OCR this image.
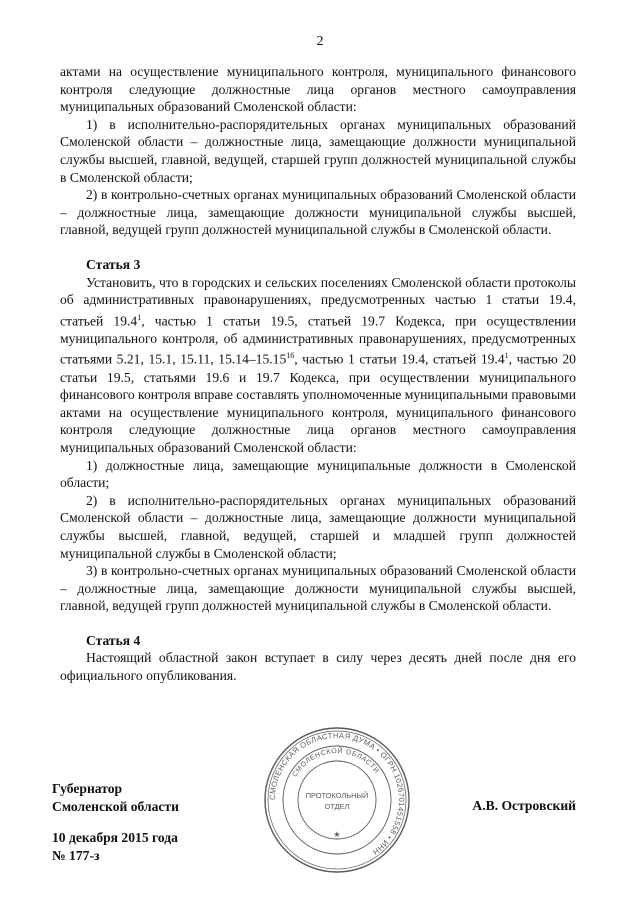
2

актами на осуществление муниципального контроля, муниципального финансового контроля следующие должностные лица органов местного самоуправления муниципальных образований Смоленской области:

1) в исполнительно-распорядительных органах муниципальных образований Смоленской области – должностные лица, замещающие должности муниципальной службы высшей, главной, ведущей, старшей групп должностей муниципальной службы в Смоленской области;

2) в контрольно-счетных органах муниципальных образований Смоленской области – должностные лица, замещающие должности муниципальной службы высшей, главной, ведущей групп должностей муниципальной службы в Смоленской области.

Статья 3

Установить, что в городских и сельских поселениях Смоленской области протоколы об административных правонарушениях, предусмотренных частью 1 статьи 19.4, статьей 19.4$^1$, частью 1 статьи 19.5, статьей 19.7 Кодекса, при осуществлении муниципального контроля, об административных правонарушениях, предусмотренных статьями 5.21, 15.1, 15.11, 15.14–15.15$^{16}$, частью 1 статьи 19.4, статьей 19.4$^1$, частью 20 статьи 19.5, статьями 19.6 и 19.7 Кодекса, при осуществлении муниципального финансового контроля вправе составлять уполномоченные муниципальными правовыми актами на осуществление муниципального контроля, муниципального финансового контроля следующие должностные лица органов местного самоуправления муниципальных образований Смоленской области:

1) должностные лица, замещающие муниципальные должности в Смоленской области;

2) в исполнительно-распорядительных органах муниципальных образований Смоленской области – должностные лица, замещающие должности муниципальной службы высшей, главной, ведущей, старшей и младшей групп должностей муниципальной службы в Смоленской области;

3) в контрольно-счетных органах муниципальных образований Смоленской области – должностные лица, замещающие должности муниципальной службы высшей, главной, ведущей групп должностей муниципальной службы в Смоленской области.

Статья 4

Настоящий областной закон вступает в силу через десять дней после дня его официального опубликования.

Губернатор
Смоленской области	А.В. Островский
10 декабря 2015 года
№ 177-з
СМОЛЕНСКАЯ ОБЛАСТНАЯ ДУМА • ОГРН 1026701451558 • ИНН
СМОЛЕНСКОЙ ОБЛАСТИ
ПРОТОКОЛЬНЫЙ
ОТДЕЛ
★
